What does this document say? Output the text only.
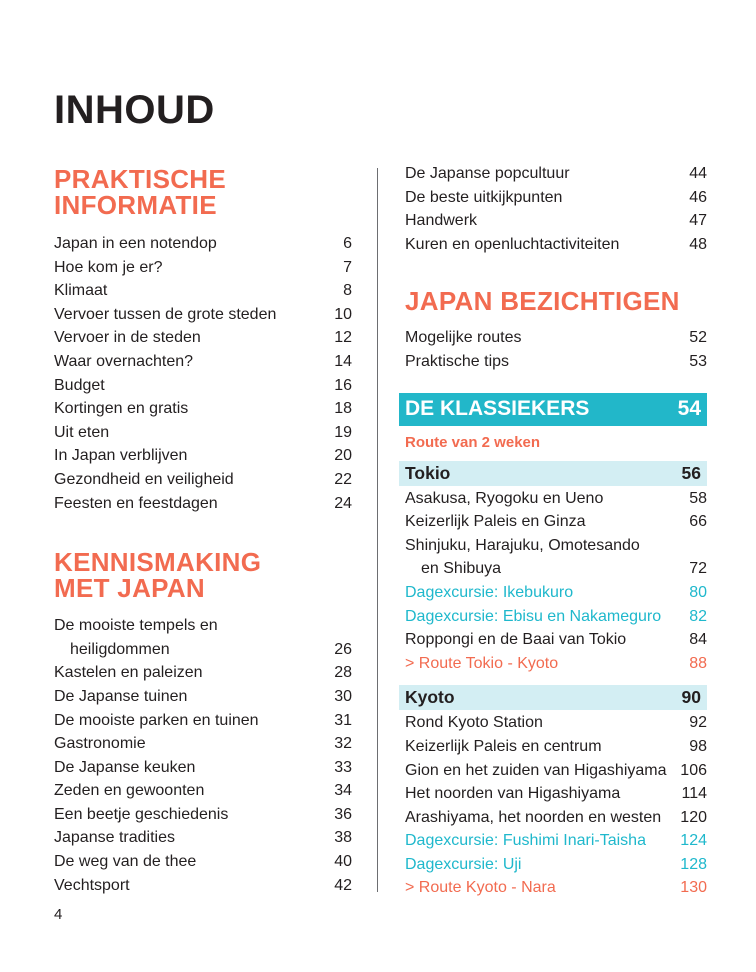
INHOUD
PRAKTISCHE
INFORMATIE
Japan in een notendop	6
Hoe kom je er?	7
Klimaat	8
Vervoer tussen de grote steden	10
Vervoer in de steden	12
Waar overnachten?	14
Budget	16
Kortingen en gratis	18
Uit eten	19
In Japan verblijven	20
Gezondheid en veiligheid	22
Feesten en feestdagen	24
KENNISMAKING
MET JAPAN
De mooiste tempels en
heiligdommen	26
Kastelen en paleizen	28
De Japanse tuinen	30
De mooiste parken en tuinen	31
Gastronomie	32
De Japanse keuken	33
Zeden en gewoonten	34
Een beetje geschiedenis	36
Japanse tradities	38
De weg van de thee	40
Vechtsport	42
De Japanse popcultuur	44
De beste uitkijkpunten	46
Handwerk	47
Kuren en openluchtactiviteiten	48
JAPAN BEZICHTIGEN
Mogelijke routes	52
Praktische tips	53
DE KLASSIEKERS	54
Route van 2 weken
Tokio	56
Asakusa, Ryogoku en Ueno	58
Keizerlijk Paleis en Ginza	66
Shinjuku, Harajuku, Omotesando
en Shibuya	72
Dagexcursie: Ikebukuro	80
Dagexcursie: Ebisu en Nakameguro	82
Roppongi en de Baai van Tokio	84
> Route Tokio - Kyoto	88
Kyoto	90
Rond Kyoto Station	92
Keizerlijk Paleis en centrum	98
Gion en het zuiden van Higashiyama 106
Het noorden van Higashiyama	114
Arashiyama, het noorden en westen	120
Dagexcursie: Fushimi Inari-Taisha	124
Dagexcursie: Uji	128
> Route Kyoto - Nara	130
4
